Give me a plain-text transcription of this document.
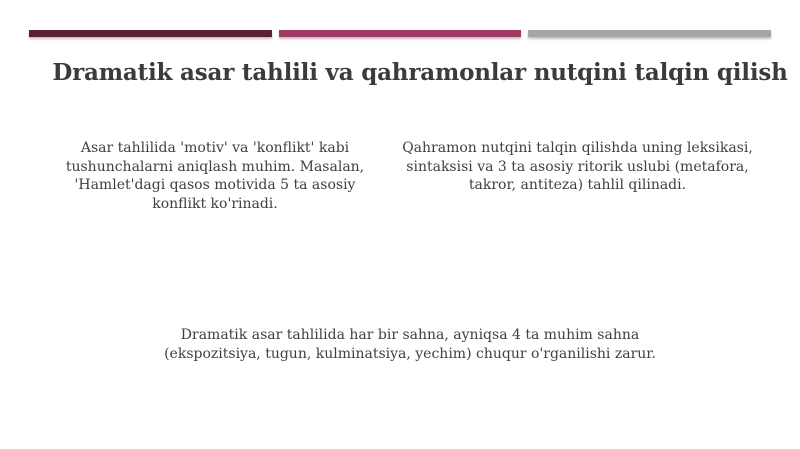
Dramatik asar tahlili va qahramonlar nutqini talqin qilish
Asar tahlilida 'motiv' va 'konflikt' kabi tushunchalarni aniqlash muhim. Masalan, 'Hamlet'dagi qasos motivida 5 ta asosiy konflikt ko'rinadi.
Qahramon nutqini talqin qilishda uning leksikasi, sintaksisi va 3 ta asosiy ritorik uslubi (metafora, takror, antiteza) tahlil qilinadi.
Dramatik asar tahlilida har bir sahna, ayniqsa 4 ta muhim sahna (ekspozitsiya, tugun, kulminatsiya, yechim) chuqur o'rganilishi zarur.
